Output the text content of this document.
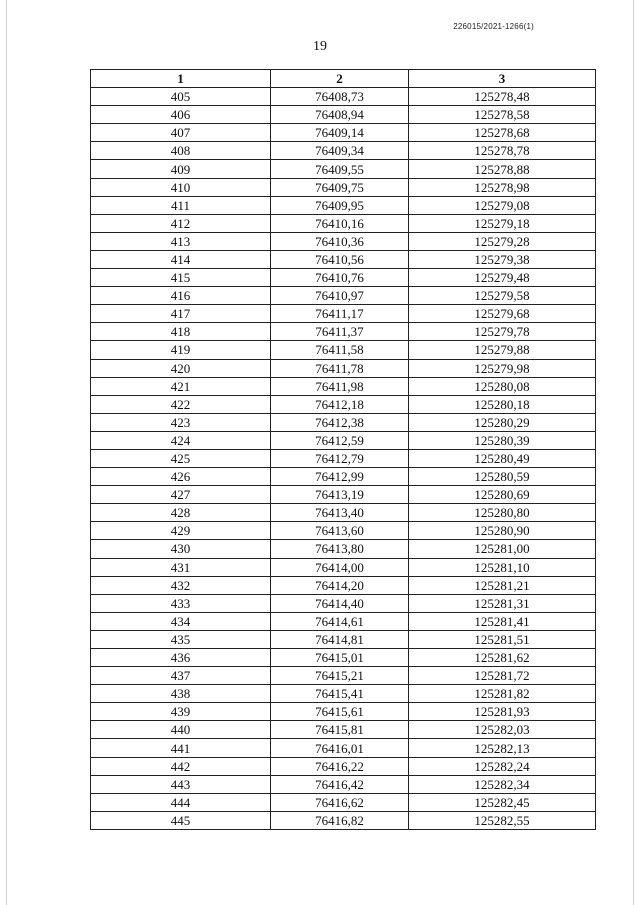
226015/2021-1266(1)
19
1	2	3
405	76408,73	125278,48
406	76408,94	125278,58
407	76409,14	125278,68
408	76409,34	125278,78
409	76409,55	125278,88
410	76409,75	125278,98
411	76409,95	125279,08
412	76410,16	125279,18
413	76410,36	125279,28
414	76410,56	125279,38
415	76410,76	125279,48
416	76410,97	125279,58
417	76411,17	125279,68
418	76411,37	125279,78
419	76411,58	125279,88
420	76411,78	125279,98
421	76411,98	125280,08
422	76412,18	125280,18
423	76412,38	125280,29
424	76412,59	125280,39
425	76412,79	125280,49
426	76412,99	125280,59
427	76413,19	125280,69
428	76413,40	125280,80
429	76413,60	125280,90
430	76413,80	125281,00
431	76414,00	125281,10
432	76414,20	125281,21
433	76414,40	125281,31
434	76414,61	125281,41
435	76414,81	125281,51
436	76415,01	125281,62
437	76415,21	125281,72
438	76415,41	125281,82
439	76415,61	125281,93
440	76415,81	125282,03
441	76416,01	125282,13
442	76416,22	125282,24
443	76416,42	125282,34
444	76416,62	125282,45
445	76416,82	125282,55
